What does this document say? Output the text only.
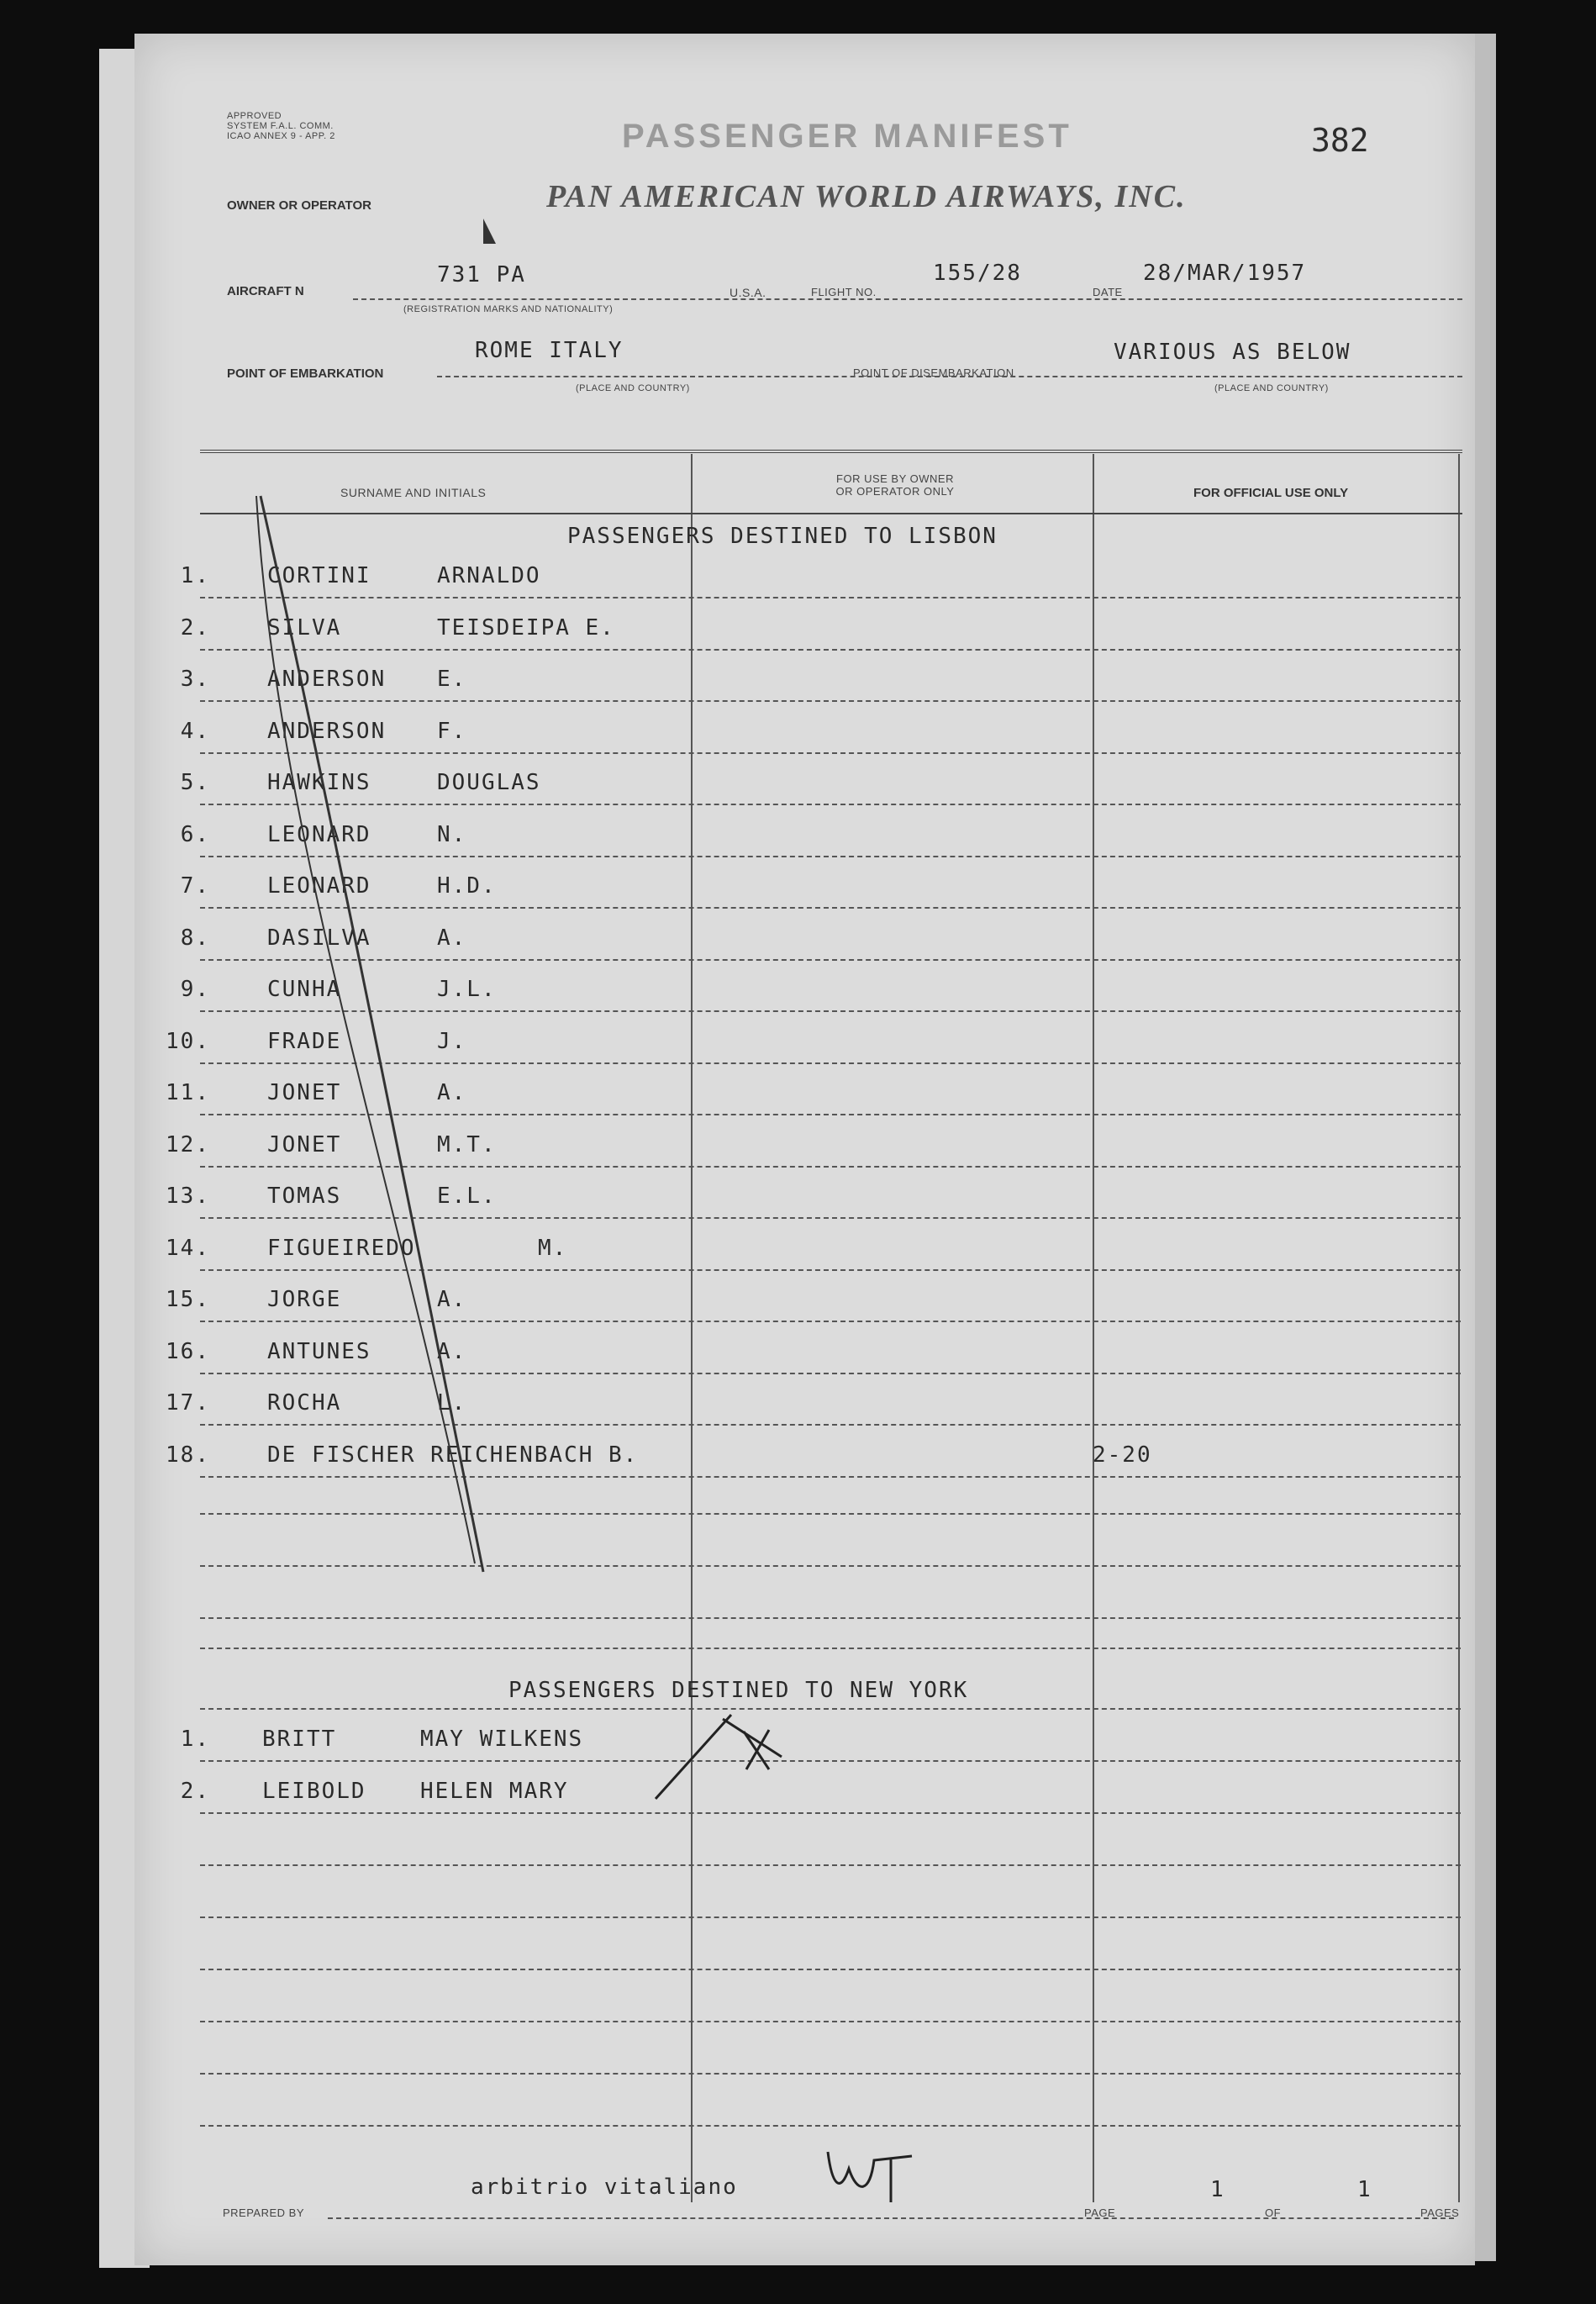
APPROVED
SYSTEM F.A.L. COMM.
ICAO ANNEX 9 - APP. 2	PASSENGER MANIFEST	382
OWNER OR OPERATOR	PAN AMERICAN WORLD AIRWAYS, INC.
AIRCRAFT N
731 PA
(REGISTRATION MARKS AND NATIONALITY)
U.S.A.	FLIGHT NO.
155/28
DATE
28/MAR/1957
POINT OF EMBARKATION
ROME ITALY
(PLACE AND COUNTRY)
POINT OF DISEMBARKATION
VARIOUS AS BELOW
(PLACE AND COUNTRY)
SURNAME AND INITIALS
FOR USE BY OWNER
OR OPERATOR ONLY	FOR OFFICIAL USE ONLY
PASSENGERS DESTINED TO LISBON
1.	CORTINI	ARNALDO
2.	SILVA	TEISDEIPA E.
3.	ANDERSON E.
4.	ANDERSON F.
5.	HAWKINS	DOUGLAS
6.	LEONARD	N.
7.	LEONARD	H.D.
8.	DASILVA	A.
9.	CUNHA	J.L.
10.	FRADE	J.
11.	JONET	A.
12.	JONET	M.T.
13.	TOMAS	E.L.
14.	FIGUEIREDO	M.
15.	JORGE	A.
16.	ANTUNES	A.
17.	ROCHA	L.
18.	DE FISCHER REICHENBACH B.	2-20
PASSENGERS DESTINED TO NEW YORK
1. BRITT	MAY WILKENS
2. LEIBOLD HELEN MARY
PREPARED BY
arbitrio vitaliano
PAGE
1
OF
1
PAGES
